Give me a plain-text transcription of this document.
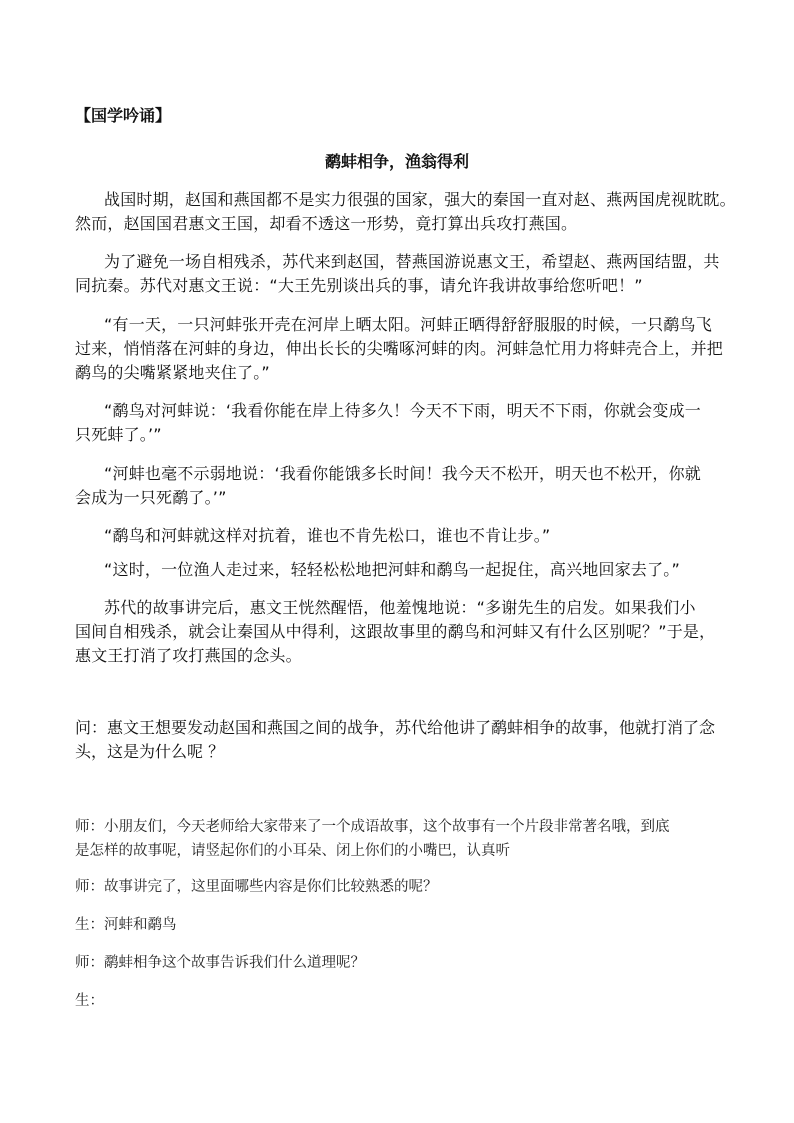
【国学吟诵】
鹬蚌相争，渔翁得利
战国时期，赵国和燕国都不是实力很强的国家，强大的秦国一直对赵、燕两国虎视眈眈。
然而，赵国国君惠文王国，却看不透这一形势，竟打算出兵攻打燕国。
为了避免一场自相残杀，苏代来到赵国，替燕国游说惠文王，希望赵、燕两国结盟，共
同抗秦。苏代对惠文王说：“大王先别谈出兵的事，请允许我讲故事给您听吧！”
“有一天，一只河蚌张开壳在河岸上晒太阳。河蚌正晒得舒舒服服的时候，一只鹬鸟飞
过来，悄悄落在河蚌的身边，伸出长长的尖嘴啄河蚌的肉。河蚌急忙用力将蚌壳合上，并把
鹬鸟的尖嘴紧紧地夹住了。”
“鹬鸟对河蚌说：‘我看你能在岸上待多久！今天不下雨，明天不下雨，你就会变成一
只死蚌了。’”
“河蚌也毫不示弱地说：‘我看你能饿多长时间！我今天不松开，明天也不松开，你就
会成为一只死鹬了。’”
“鹬鸟和河蚌就这样对抗着，谁也不肯先松口，谁也不肯让步。”
“这时，一位渔人走过来，轻轻松松地把河蚌和鹬鸟一起捉住，高兴地回家去了。”
苏代的故事讲完后，惠文王恍然醒悟，他羞愧地说：“多谢先生的启发。如果我们小
国间自相残杀，就会让秦国从中得利，这跟故事里的鹬鸟和河蚌又有什么区别呢？”于是，
惠文王打消了攻打燕国的念头。
问：惠文王想要发动赵国和燕国之间的战争，苏代给他讲了鹬蚌相争的故事，他就打消了念
头，这是为什么呢 ？
师：小朋友们，今天老师给大家带来了一个成语故事，这个故事有一个片段非常著名哦，到底
是怎样的故事呢，请竖起你们的小耳朵、闭上你们的小嘴巴，认真听
师：故事讲完了，这里面哪些内容是你们比较熟悉的呢？
生：河蚌和鹬鸟
师：鹬蚌相争这个故事告诉我们什么道理呢？
生：
